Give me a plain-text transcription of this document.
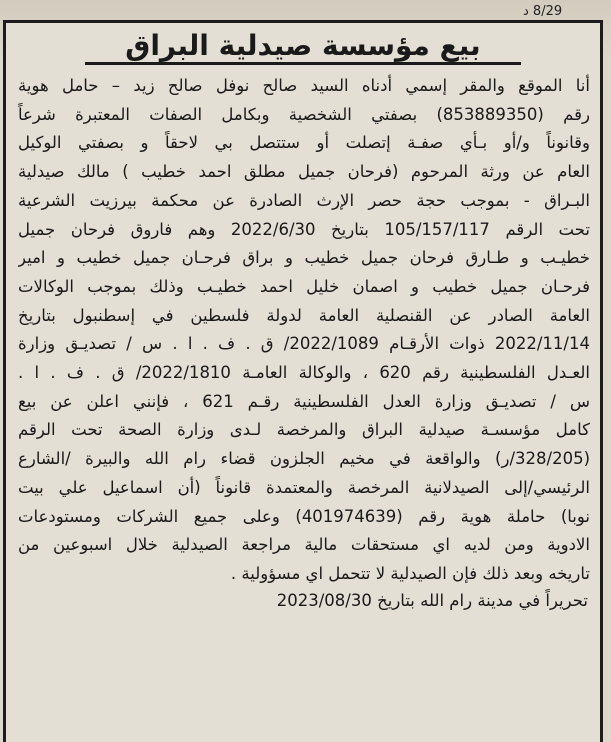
8/29 د
بيع مؤسسة صيدلية البراق
أنا الموقع والمقر إسمي أدناه السيد صالح نوفل صالح زيد – حامل هوية
رقم (853889350) بصفتي الشخصية وبكامل الصفات المعتبرة شرعاً
وقانوناً و/أو بـأي صفـة إتصلت أو ستتصل بي لاحقاً و بصفتي الوكيل
العام عن ورثة المرحوم (فرحان جميل مطلق احمد خطيب ) مالك صيدلية
البـراق - بموجب حجة حصر الإرث الصادرة عن محكمة بيرزيت الشرعية
تحت الرقم 105/157/117 بتاريخ 2022/6/30 وهم فاروق فرحان جميل
خطيـب و طـارق فرحان جميل خطيب و براق فرحـان جميل خطيب و امير
فرحـان جميل خطيب و اصمان خليل احمد خطيـب وذلك بموجب الوكالات
العامة الصادر عن القنصلية العامة لدولة فلسطين في إسطنبول بتاريخ
2022/11/14 ذوات الأرقـام 2022/1089/ ق . ف . ا . س / تصديـق وزارة
العـدل الفلسطينية رقم 620 ، والوكالة العامـة 2022/1810/ ق . ف . ا .
س / تصديـق وزارة العدل الفلسطينية رقـم 621 ، فإنني اعلن عن بيع
كامل مؤسسـة صيدلية البراق والمرخصة لـدى وزارة الصحة تحت الرقم
(328/205/ر) والواقعة في مخيم الجلزون قضاء رام الله والبيرة /الشارع
الرئيسي/إلى الصيدلانية المرخصة والمعتمدة قانوناً (أن اسماعيل علي بيت
نوبا) حاملة هوية رقم (401974639) وعلى جميع الشركات ومستودعات
الادوية ومن لديه اي مستحقات مالية مراجعة الصيدلية خلال اسبوعين من
تاريخه وبعد ذلك فإن الصيدلية لا تتحمل اي مسؤولية .
تحريراً في مدينة رام الله بتاريخ 2023/08/30
